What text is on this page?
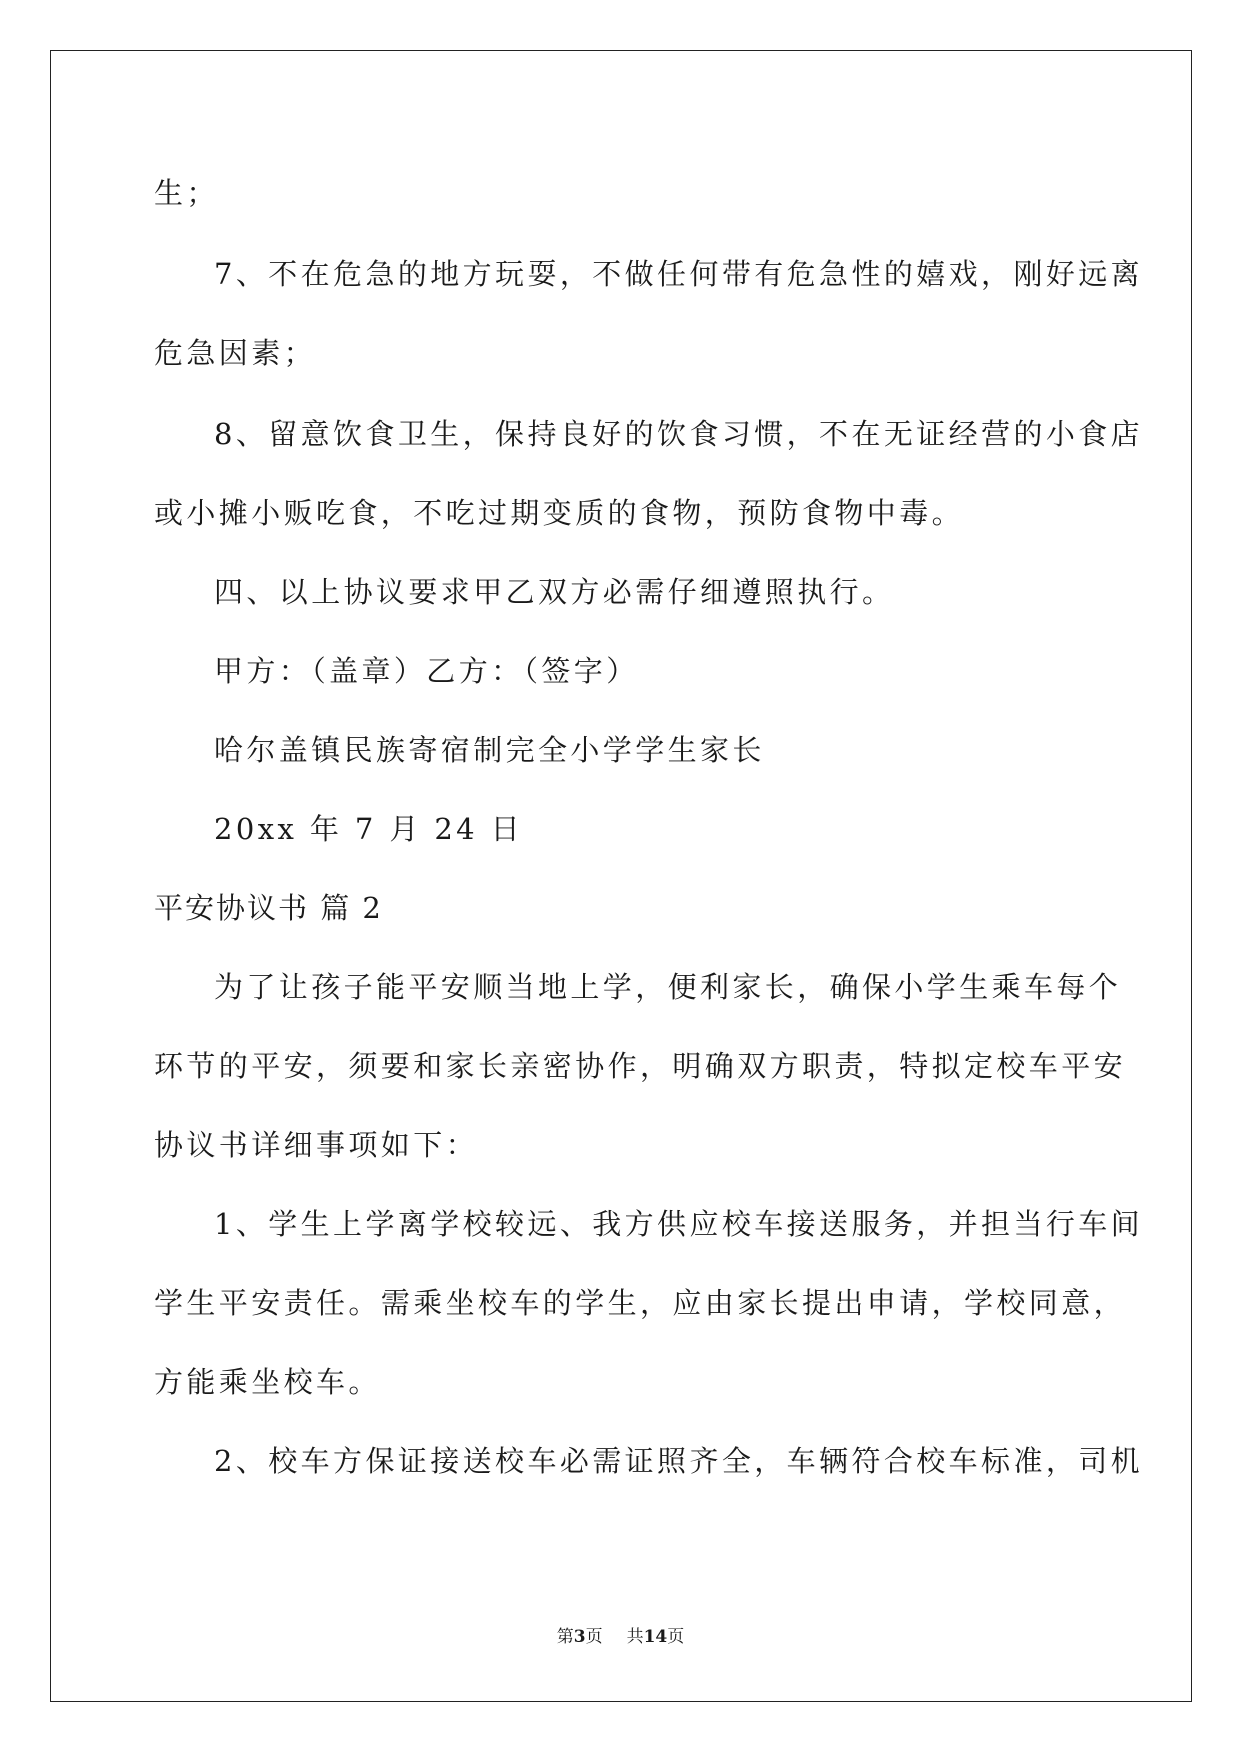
生；
7、不在危急的地方玩耍，不做任何带有危急性的嬉戏，刚好远离
危急因素；
8、留意饮食卫生，保持良好的饮食习惯，不在无证经营的小食店
或小摊小贩吃食，不吃过期变质的食物，预防食物中毒。
四、以上协议要求甲乙双方必需仔细遵照执行。
甲方：（盖章）乙方：（签字）
哈尔盖镇民族寄宿制完全小学学生家长
20xx 年 7 月 24 日
平安协议书 篇 2
为了让孩子能平安顺当地上学，便利家长，确保小学生乘车每个
环节的平安，须要和家长亲密协作，明确双方职责，特拟定校车平安
协议书详细事项如下：
1、学生上学离学校较远、我方供应校车接送服务，并担当行车间
学生平安责任。需乘坐校车的学生，应由家长提出申请，学校同意，
方能乘坐校车。
2、校车方保证接送校车必需证照齐全，车辆符合校车标准，司机
第3页 共14页
